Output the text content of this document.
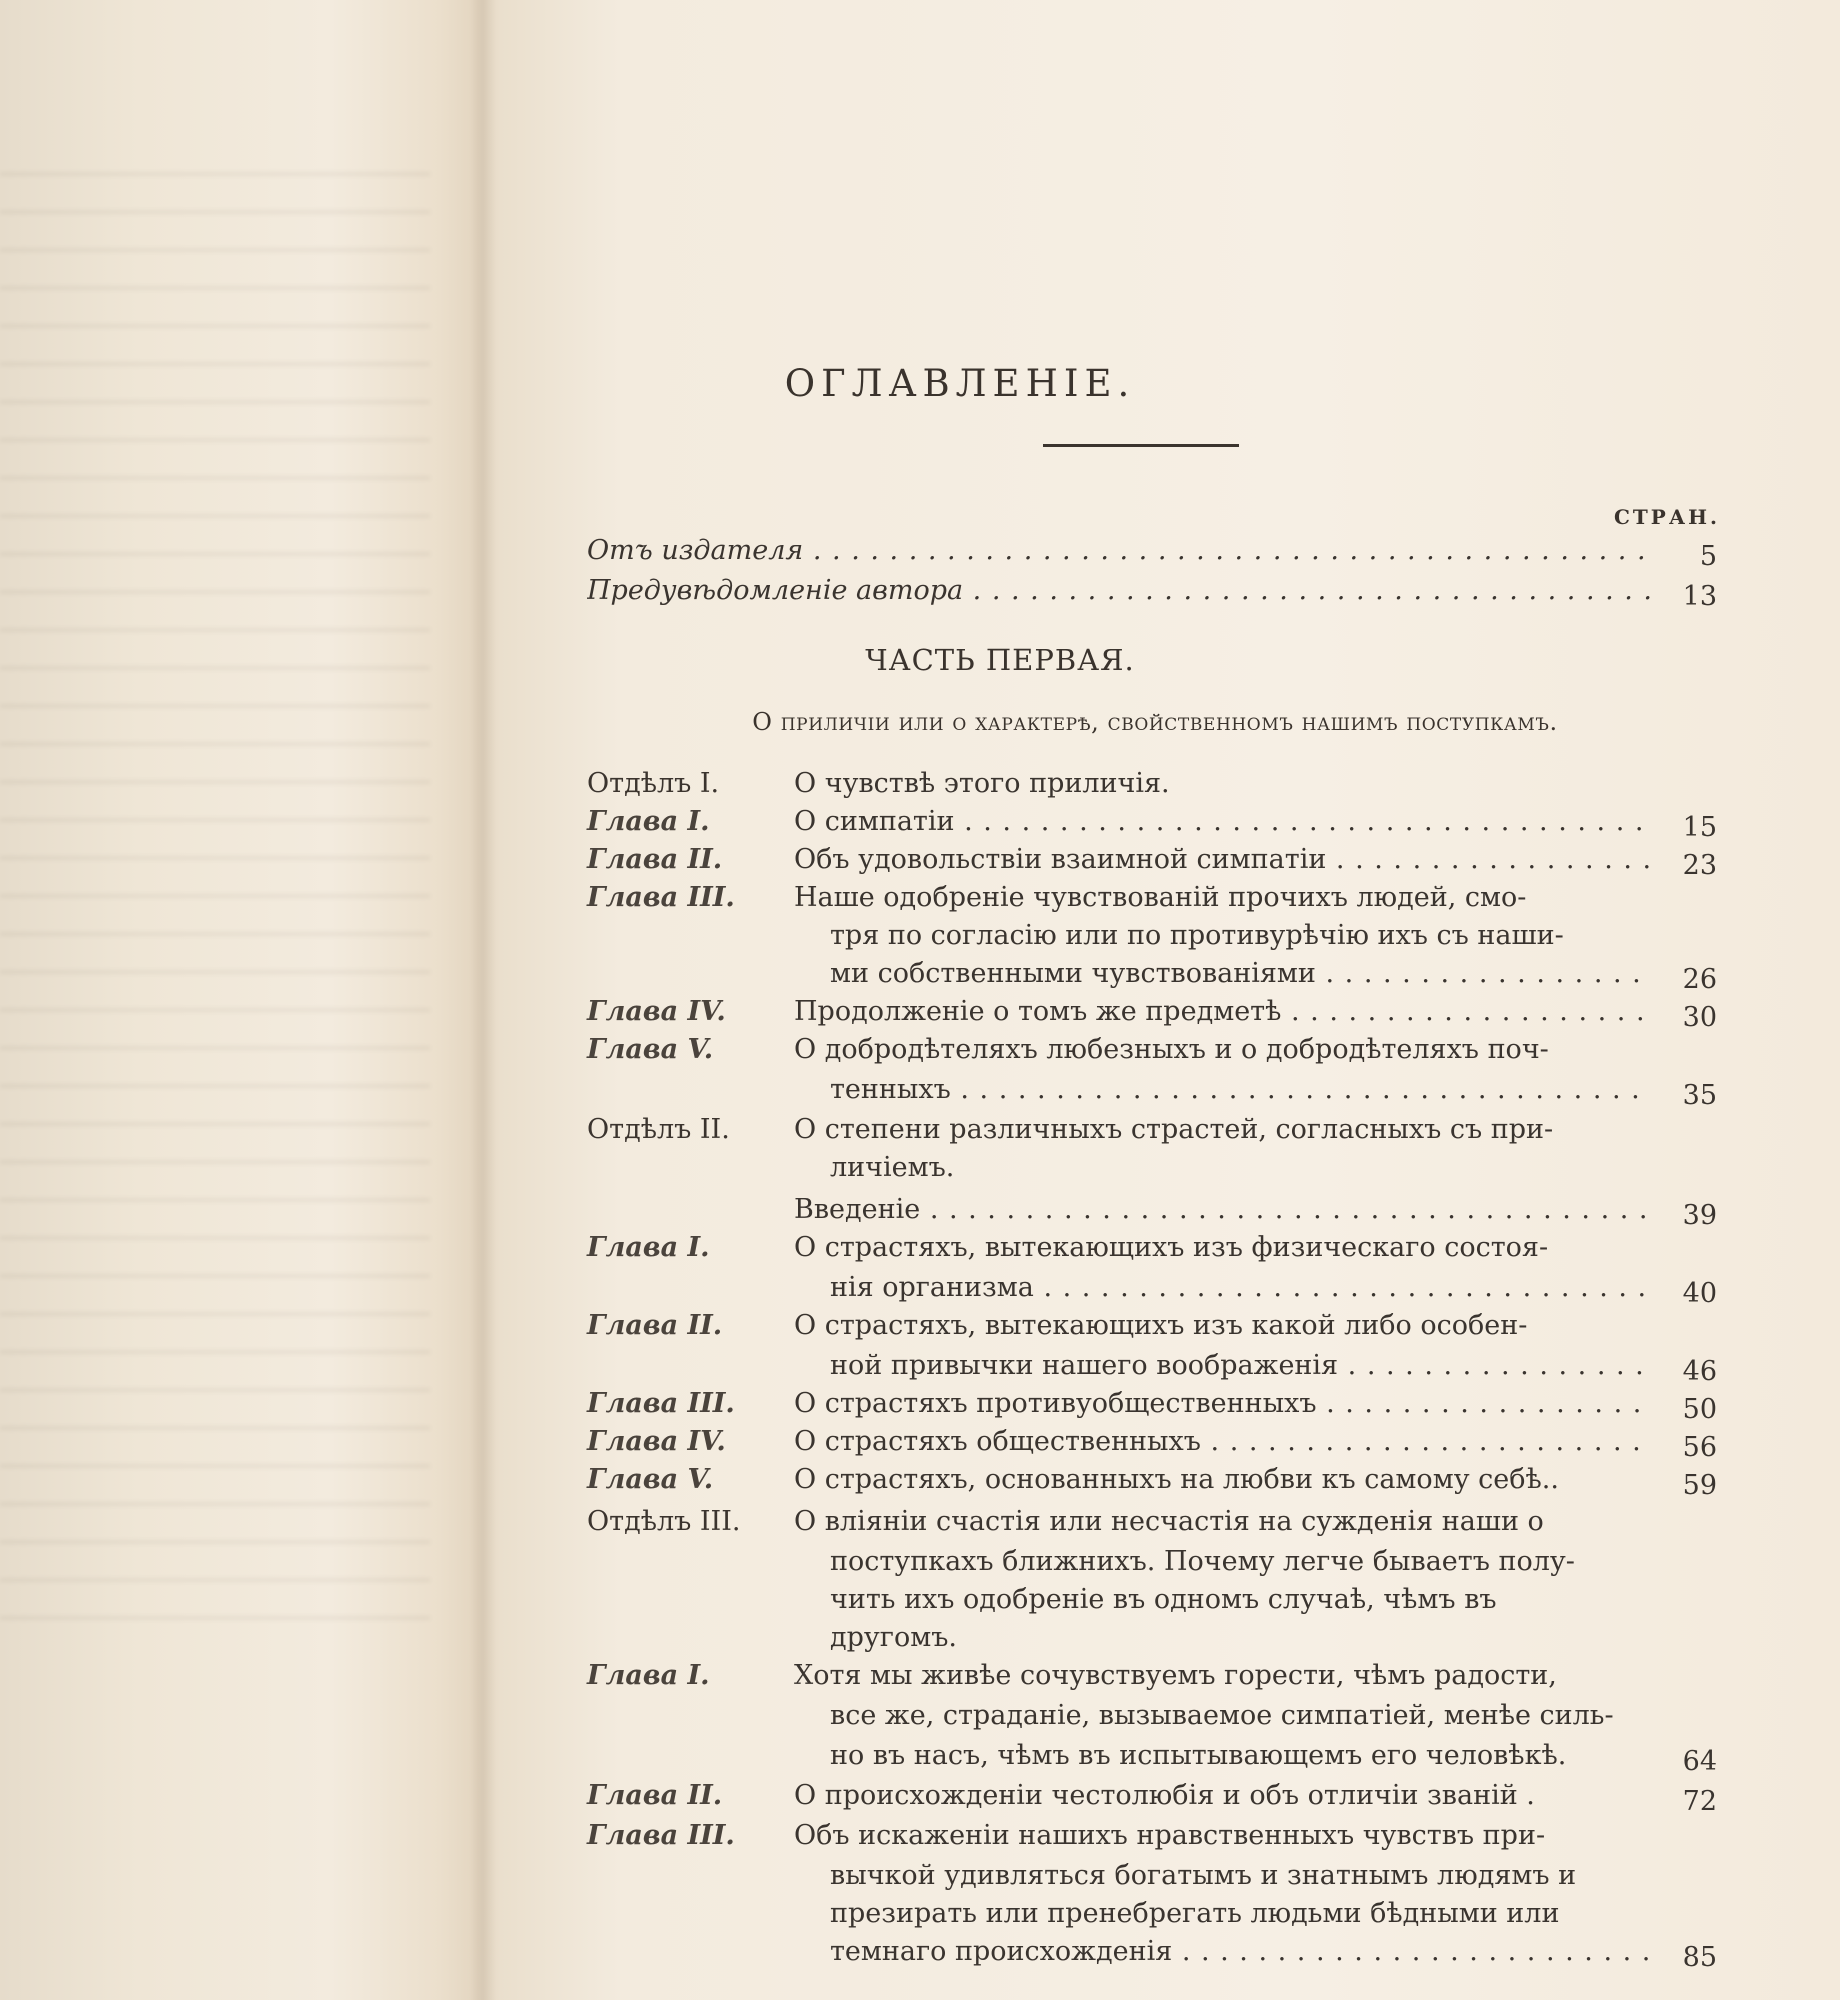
ОГЛАВЛЕНІЕ.
СТРАН.
Отъ издателя . . .	5
Предувѣдомленіе автора . . .	13
ЧАСТЬ ПЕРВАЯ.
О приличіи или о характерѣ, свойственномъ нашимъ поступкамъ.
Отдѣлъ I.	О чувствѣ этого приличія.
Глава I.	О симпатіи . . .	15
Глава II.	Объ удовольствіи взаимной симпатіи . . .	23
Глава III. Наше одобреніе чувствованій прочихъ людей, смо-
тря по согласію или по противурѣчію ихъ съ наши-
ми собственными чувствованіями . . .	26
Глава IV.	Продолженіе о томъ же предметѣ . . .	30
Глава V.	О добродѣтеляхъ любезныхъ и о добродѣтеляхъ поч-
тенныхъ . . .	35
Отдѣлъ II. О степени различныхъ страстей, согласныхъ съ при-
личіемъ.
Введеніе . . .	39
Глава I.	О страстяхъ, вытекающихъ изъ физическаго состоя-
нія организма . . .	40
Глава II.	О страстяхъ, вытекающихъ изъ какой либо особен-
ной привычки нашего воображенія . . .	46
Глава III. О страстяхъ противуобщественныхъ . . .	50
Глава IV.	О страстяхъ общественныхъ . . .	56
Глава V.	О страстяхъ, основанныхъ на любви къ самому себѣ..	59
Отдѣлъ III. О вліяніи счастія или несчастія на сужденія наши о
поступкахъ ближнихъ. Почему легче бываетъ полу-
чить ихъ одобреніе въ одномъ случаѣ, чѣмъ въ
другомъ.
Глава I.	Хотя мы живѣе сочувствуемъ горести, чѣмъ радости,
все же, страданіе, вызываемое симпатіей, менѣе силь-
но въ насъ, чѣмъ въ испытывающемъ его человѣкѣ.	64
Глава II.	О происхожденіи честолюбія и объ отличіи званій .	72
Глава III. Объ искаженіи нашихъ нравственныхъ чувствъ при-
вычкой удивляться богатымъ и знатнымъ людямъ и
презирать или пренебрегать людьми бѣдными или
темнаго происхожденія . . .	85
